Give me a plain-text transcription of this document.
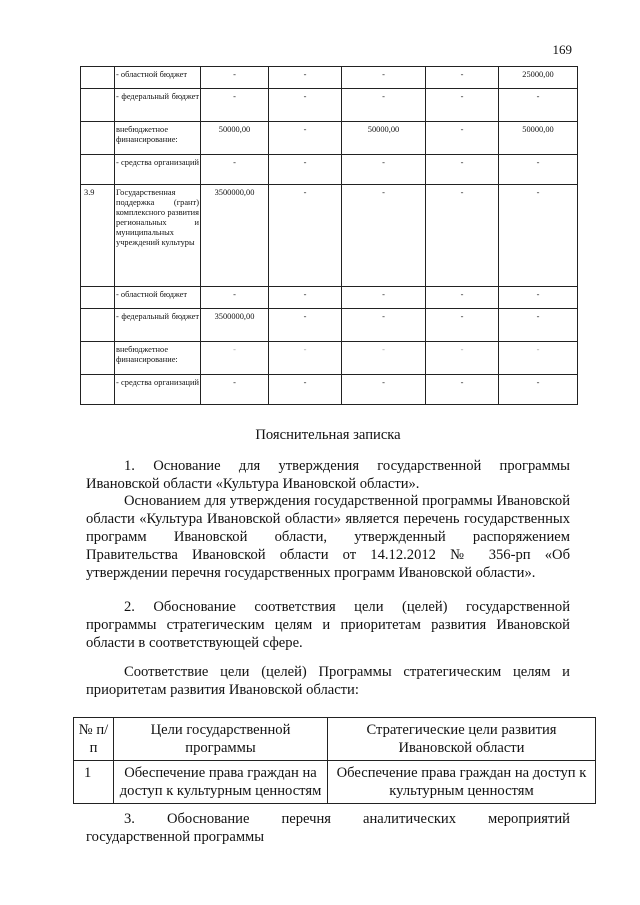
169
	- областной бюджет	-	-	-	-	25000,00
	- федеральный бюджет	-	-	-	-	-
	внебюджетное финансирование:	50000,00	-	50000,00	-	50000,00
	- средства организаций	-	-	-	-	-
3.9	Государственная поддержка (грант) комплексного развития региональных и муниципальных учреждений культуры	3500000,00	-	-	-	-
	- областной бюджет	-	-	-	-	-
	- федеральный бюджет	3500000,00	-	-	-	-
	внебюджетное финансирование:	-	-	-	-	-
	- средства организаций	-	-	-	-	-
Пояснительная записка
1. Основание для утверждения государственной программы Ивановской области «Культура Ивановской области».
Основанием для утверждения государственной программы Ивановской области «Культура Ивановской области» является перечень государственных программ Ивановской области, утвержденный распоряжением Правительства Ивановской области от 14.12.2012 № 356-рп «Об утверждении перечня государственных программ Ивановской области».
2. Обоснование соответствия цели (целей) государственной программы стратегическим целям и приоритетам развития Ивановской области в соответствующей сфере.
Соответствие цели (целей) Программы стратегическим целям и приоритетам развития Ивановской области:
№ п/п	Цели государственной программы	Стратегические цели развития Ивановской области
1	Обеспечение права граждан на доступ к культурным ценностям	Обеспечение права граждан на доступ к культурным ценностям
3. Обоснование перечня аналитических мероприятий
государственной программы
